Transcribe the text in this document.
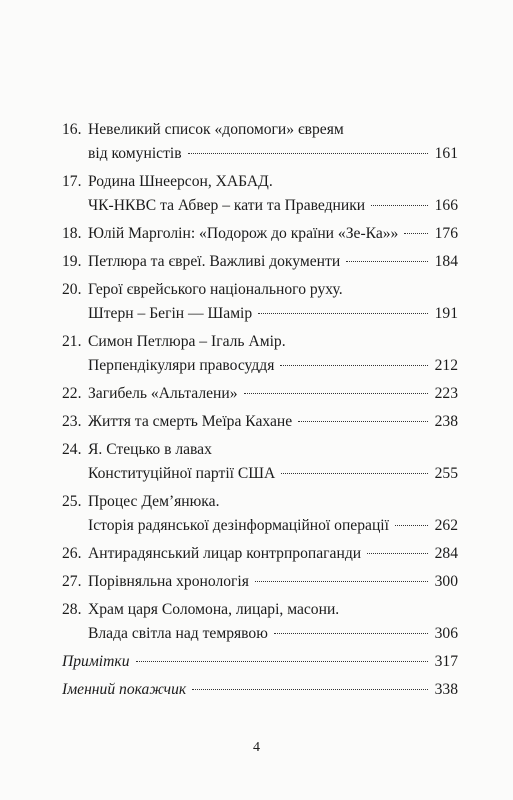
16. Невеликий список «допомоги» євреям
від комуністів	161
17. Родина Шнеерсон, ХАБАД.
ЧК-НКВС та Абвер – кати та Праведники	166
18. Юлій Марголін: «Подорож до країни «Зе-Ка»» 176
19. Петлюра та євреї. Важливі документи	184
20. Герої єврейського національного руху.
Штерн – Бегін — Шамір	191
21. Симон Петлюра – Ігаль Амір.
Перпендікуляри правосуддя	212
22. Загибель «Альталени»	223
23. Життя та смерть Меїра Кахане	238
24. Я. Стецько в лавах
Конституційної партії США	255
25. Процес Дем’янюка.
Історія радянської дезінформаційної операції	262
26. Антирадянський лицар контрпропаганди	284
27. Порівняльна хронологія	300
28. Храм царя Соломона, лицарі, масони.
Влада світла над темрявою	306
Примітки	317
Іменний покажчик	338
4
